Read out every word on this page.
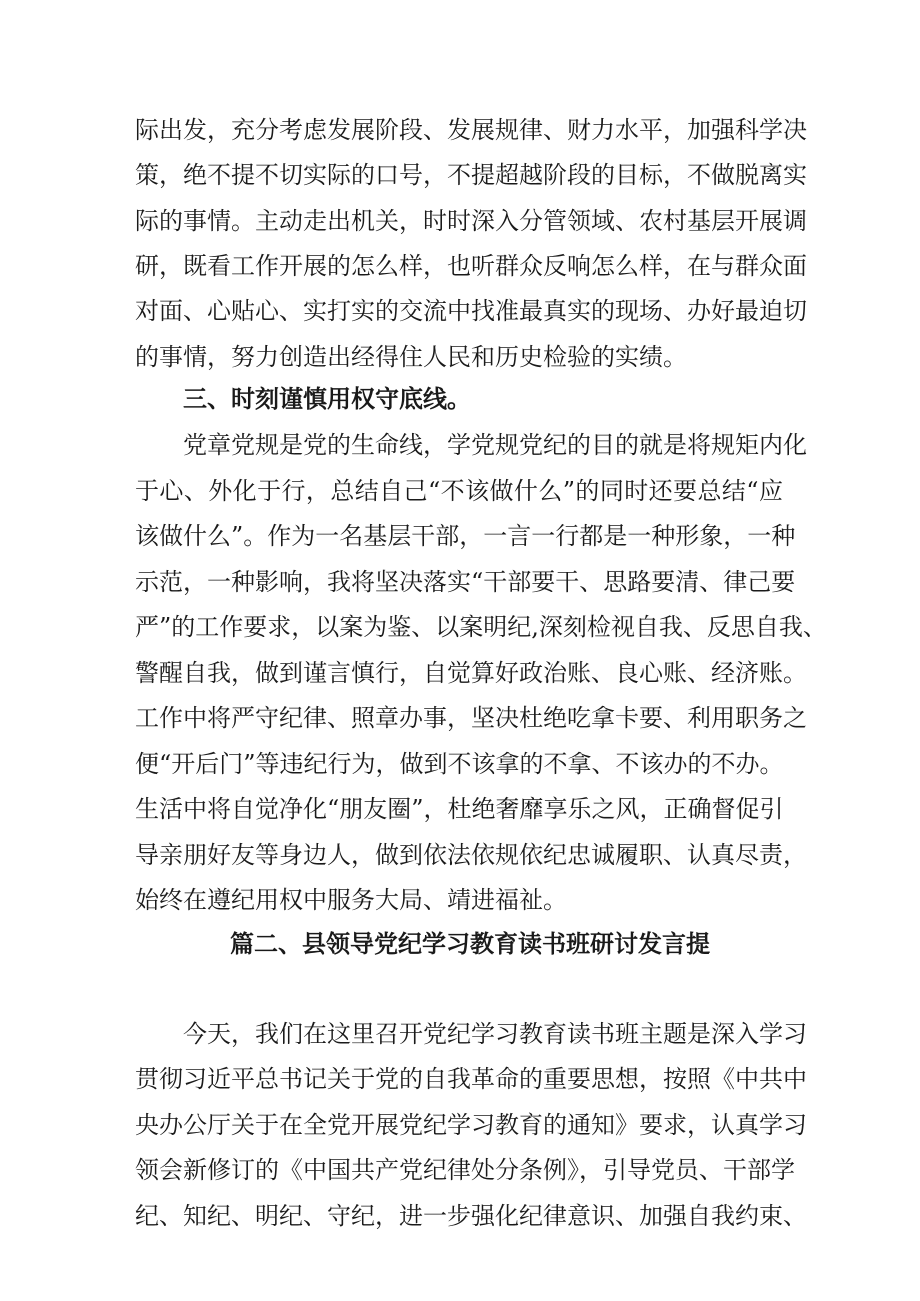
际出发，充分考虑发展阶段、发展规律、财力水平，加强科学决
策，绝不提不切实际的口号，不提超越阶段的目标，不做脱离实
际的事情。主动走出机关，时时深入分管领域、农村基层开展调
研，既看工作开展的怎么样，也听群众反响怎么样，在与群众面
对面、心贴心、实打实的交流中找准最真实的现场、办好最迫切
的事情，努力创造出经得住人民和历史检验的实绩。
三、时刻谨慎用权守底线。
党章党规是党的生命线，学党规党纪的目的就是将规矩内化
于心、外化于行，总结自己“不该做什么”的同时还要总结“应
该做什么”。作为一名基层干部，一言一行都是一种形象，一种
示范，一种影响，我将坚决落实“干部要干、思路要清、律己要
严”的工作要求，以案为鉴、以案明纪,深刻检视自我、反思自我、
警醒自我，做到谨言慎行，自觉算好政治账、良心账、经济账。
工作中将严守纪律、照章办事，坚决杜绝吃拿卡要、利用职务之
便“开后门”等违纪行为，做到不该拿的不拿、不该办的不办。
生活中将自觉净化“朋友圈”，杜绝奢靡享乐之风，正确督促引
导亲朋好友等身边人，做到依法依规依纪忠诚履职、认真尽责，
始终在遵纪用权中服务大局、靖进福祉。
篇二、县领导党纪学习教育读书班研讨发言提
今天，我们在这里召开党纪学习教育读书班主题是深入学习
贯彻习近平总书记关于党的自我革命的重要思想，按照《中共中
央办公厅关于在全党开展党纪学习教育的通知》要求，认真学习
领会新修订的《中国共产党纪律处分条例》，引导党员、干部学
纪、知纪、明纪、守纪，进一步强化纪律意识、加强自我约束、
